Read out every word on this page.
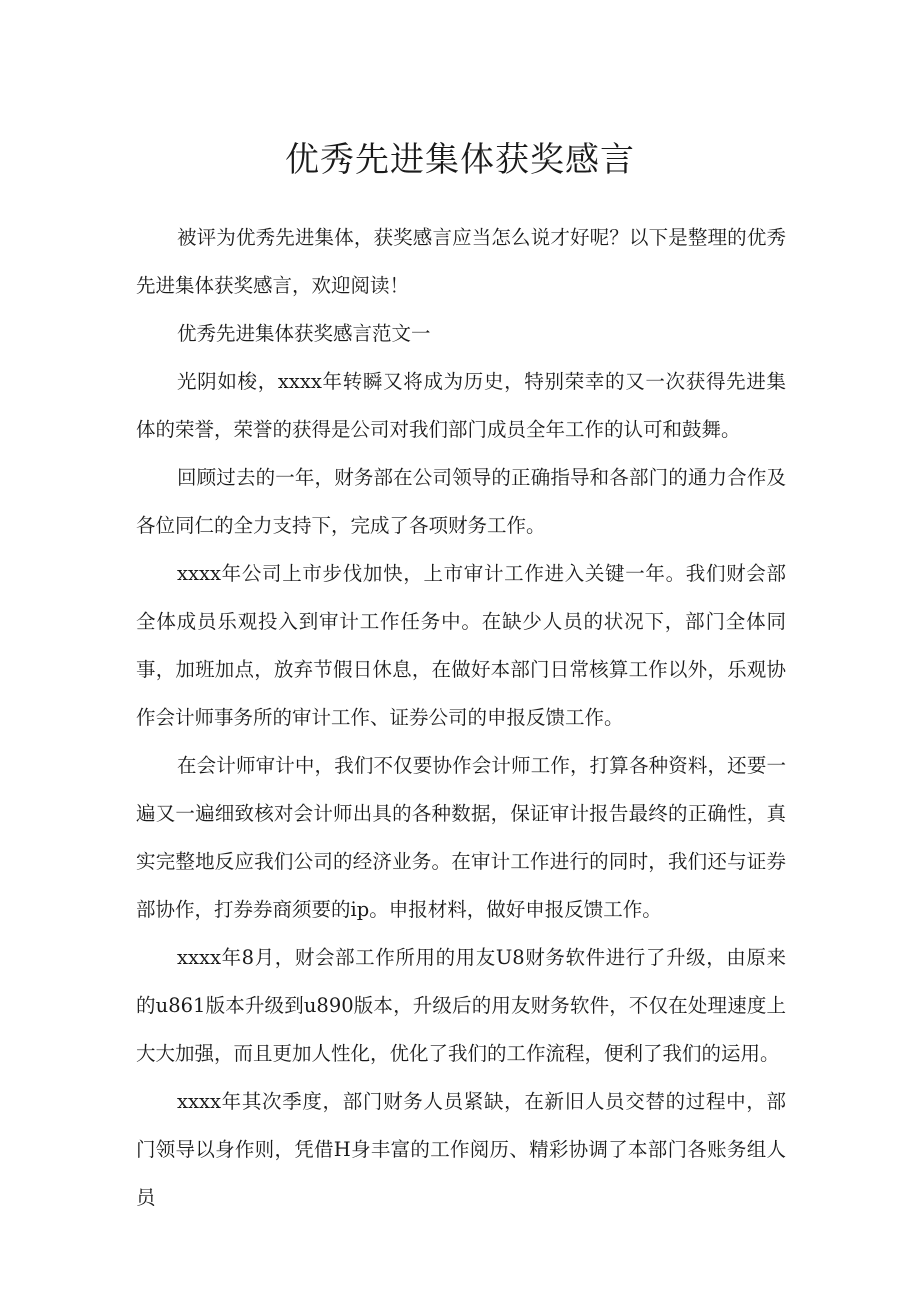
优秀先进集体获奖感言

被评为优秀先进集体，获奖感言应当怎么说才好呢？以下是整理的优秀先进集体获奖感言，欢迎阅读！

优秀先进集体获奖感言范文一

光阴如梭，xxxx年转瞬又将成为历史，特别荣幸的又一次获得先进集体的荣誉，荣誉的获得是公司对我们部门成员全年工作的认可和鼓舞。

回顾过去的一年，财务部在公司领导的正确指导和各部门的通力合作及各位同仁的全力支持下，完成了各项财务工作。

xxxx年公司上市步伐加快，上市审计工作进入关键一年。我们财会部全体成员乐观投入到审计工作任务中。在缺少人员的状况下，部门全体同事，加班加点，放弃节假日休息，在做好本部门日常核算工作以外，乐观协作会计师事务所的审计工作、证券公司的申报反馈工作。

在会计师审计中，我们不仅要协作会计师工作，打算各种资料，还要一遍又一遍细致核对会计师出具的各种数据，保证审计报告最终的正确性，真实完整地反应我们公司的经济业务。在审计工作进行的同时，我们还与证券部协作，打券券商须要的ip。申报材料，做好申报反馈工作。

xxxx年8月，财会部工作所用的用友U8财务软件进行了升级，由原来的u861版本升级到u890版本，升级后的用友财务软件，不仅在处理速度上大大加强，而且更加人性化，优化了我们的工作流程，便利了我们的运用。

xxxx年其次季度，部门财务人员紧缺，在新旧人员交替的过程中，部门领导以身作则，凭借H身丰富的工作阅历、精彩协调了本部门各账务组人员
